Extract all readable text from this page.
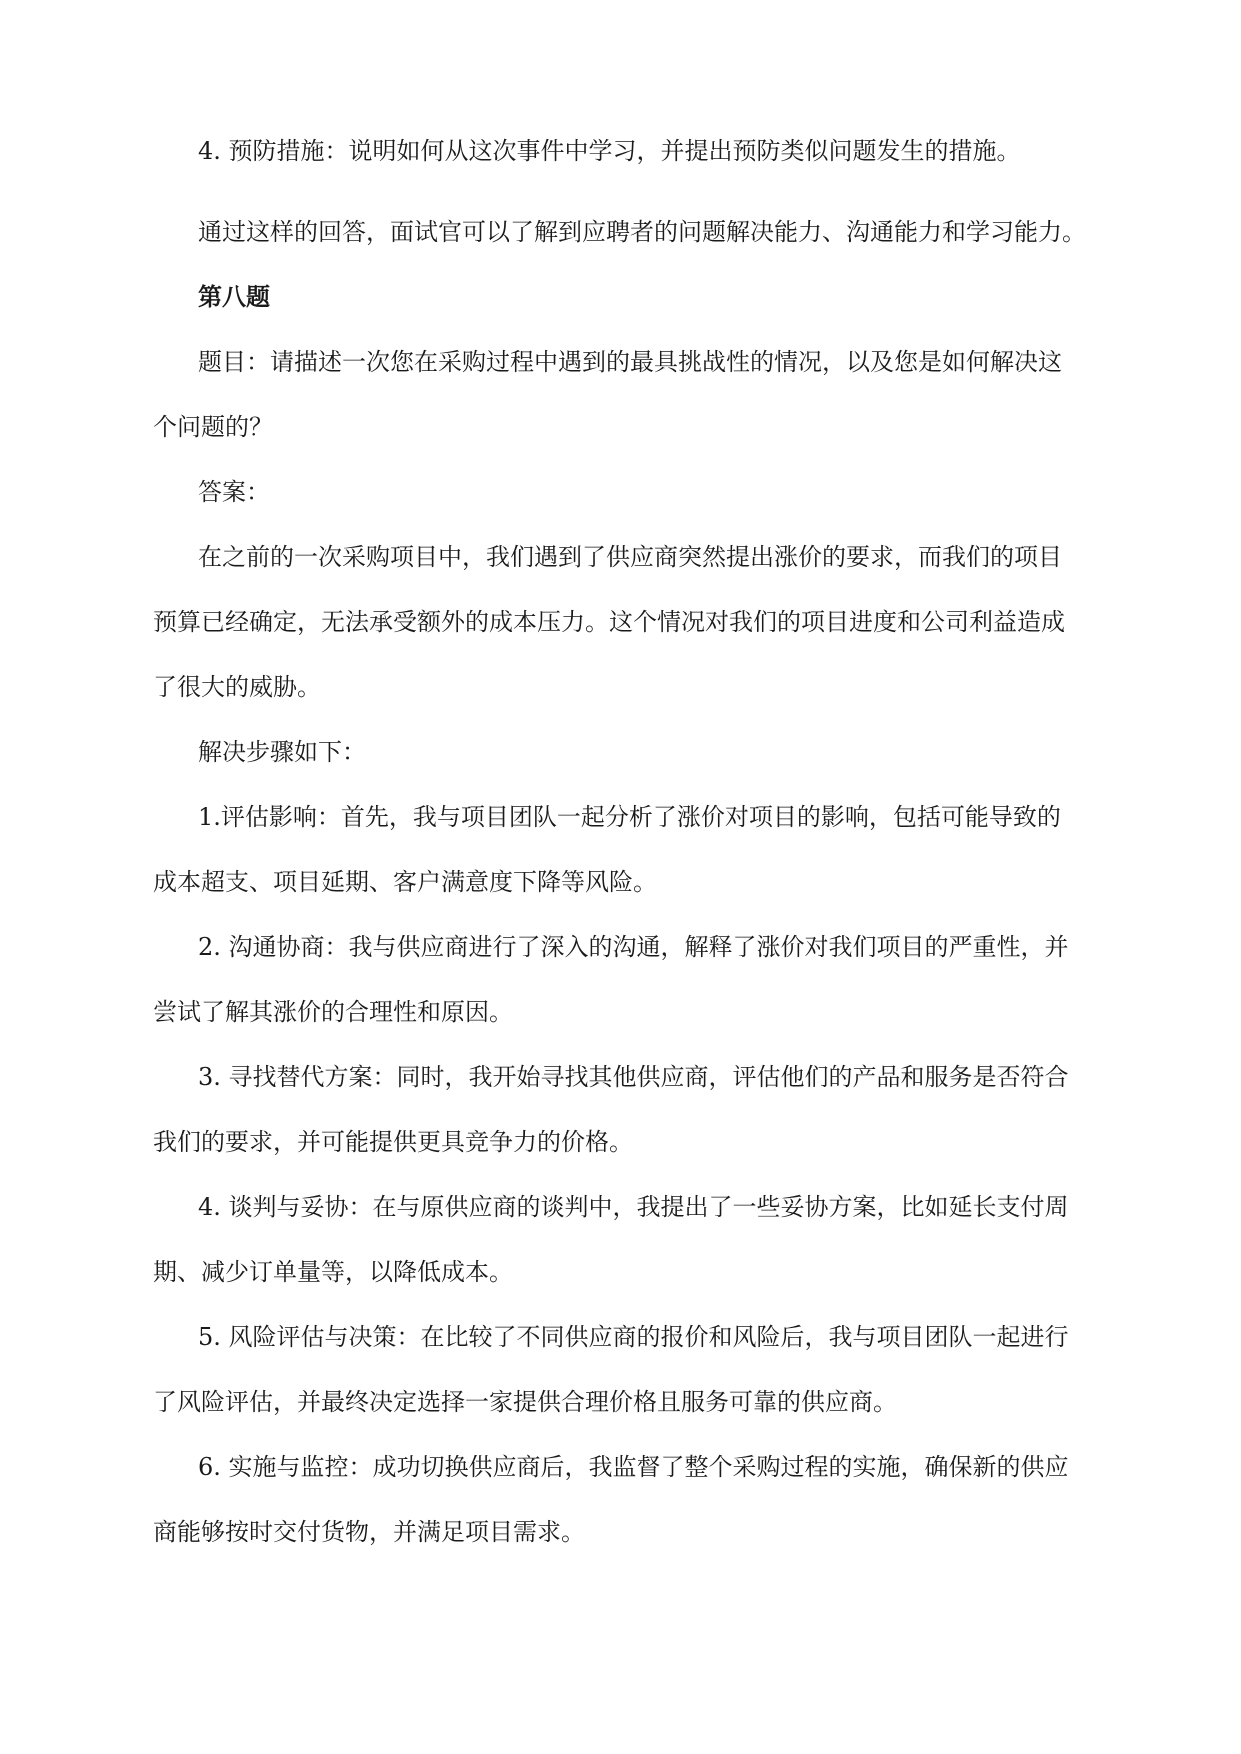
4. 预防措施：说明如何从这次事件中学习，并提出预防类似问题发生的措施。
通过这样的回答，面试官可以了解到应聘者的问题解决能力、沟通能力和学习能力。
第八题
题目：请描述一次您在采购过程中遇到的最具挑战性的情况，以及您是如何解决这
个问题的？
答案：
在之前的一次采购项目中，我们遇到了供应商突然提出涨价的要求，而我们的项目
预算已经确定，无法承受额外的成本压力。这个情况对我们的项目进度和公司利益造成
了很大的威胁。
解决步骤如下：
1.评估影响：首先，我与项目团队一起分析了涨价对项目的影响，包括可能导致的
成本超支、项目延期、客户满意度下降等风险。
2. 沟通协商：我与供应商进行了深入的沟通，解释了涨价对我们项目的严重性，并
尝试了解其涨价的合理性和原因。
3. 寻找替代方案：同时，我开始寻找其他供应商，评估他们的产品和服务是否符合
我们的要求，并可能提供更具竞争力的价格。
4. 谈判与妥协：在与原供应商的谈判中，我提出了一些妥协方案，比如延长支付周
期、减少订单量等，以降低成本。
5. 风险评估与决策：在比较了不同供应商的报价和风险后，我与项目团队一起进行
了风险评估，并最终决定选择一家提供合理价格且服务可靠的供应商。
6. 实施与监控：成功切换供应商后，我监督了整个采购过程的实施，确保新的供应
商能够按时交付货物，并满足项目需求。
